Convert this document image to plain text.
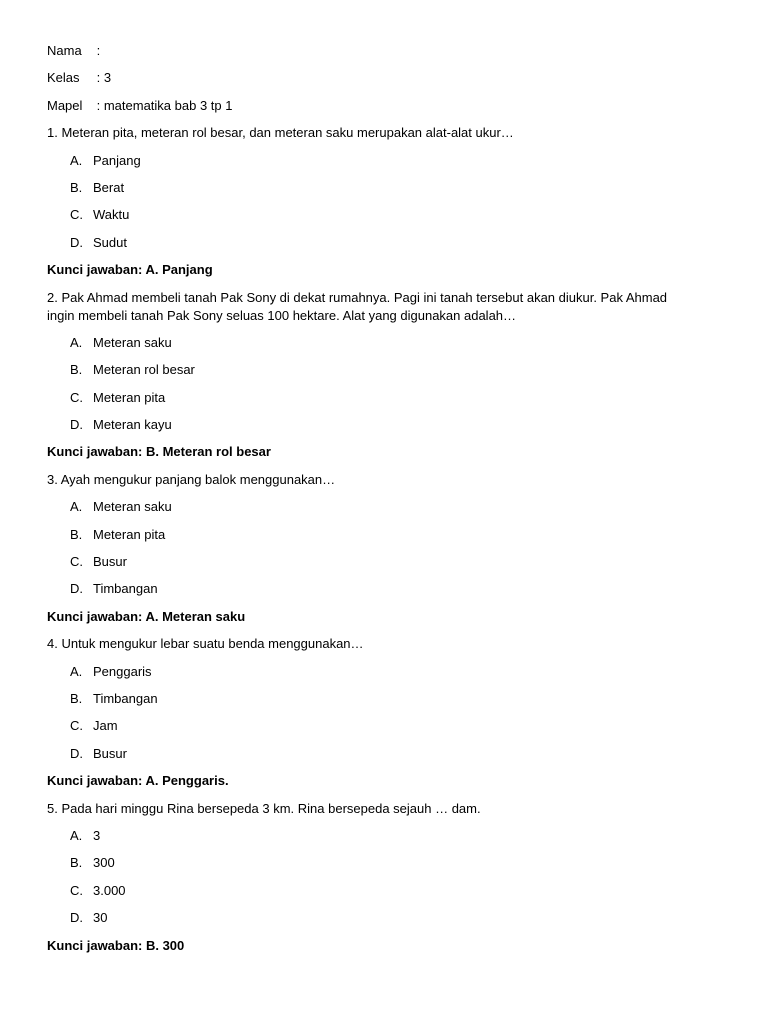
Nama :
Kelas : 3
Mapel : matematika bab 3 tp 1
1. Meteran pita, meteran rol besar, dan meteran saku merupakan alat-alat ukur…
A. Panjang
B. Berat
C. Waktu
D. Sudut
Kunci jawaban: A. Panjang
2. Pak Ahmad membeli tanah Pak Sony di dekat rumahnya. Pagi ini tanah tersebut akan diukur. Pak Ahmad ingin membeli tanah Pak Sony seluas 100 hektare. Alat yang digunakan adalah…
A. Meteran saku
B. Meteran rol besar
C. Meteran pita
D. Meteran kayu
Kunci jawaban: B. Meteran rol besar
3. Ayah mengukur panjang balok menggunakan…
A. Meteran saku
B. Meteran pita
C. Busur
D. Timbangan
Kunci jawaban: A. Meteran saku
4. Untuk mengukur lebar suatu benda menggunakan…
A. Penggaris
B. Timbangan
C. Jam
D. Busur
Kunci jawaban: A. Penggaris.
5. Pada hari minggu Rina bersepeda 3 km. Rina bersepeda sejauh … dam.
A. 3
B. 300
C. 3.000
D. 30
Kunci jawaban: B. 300
